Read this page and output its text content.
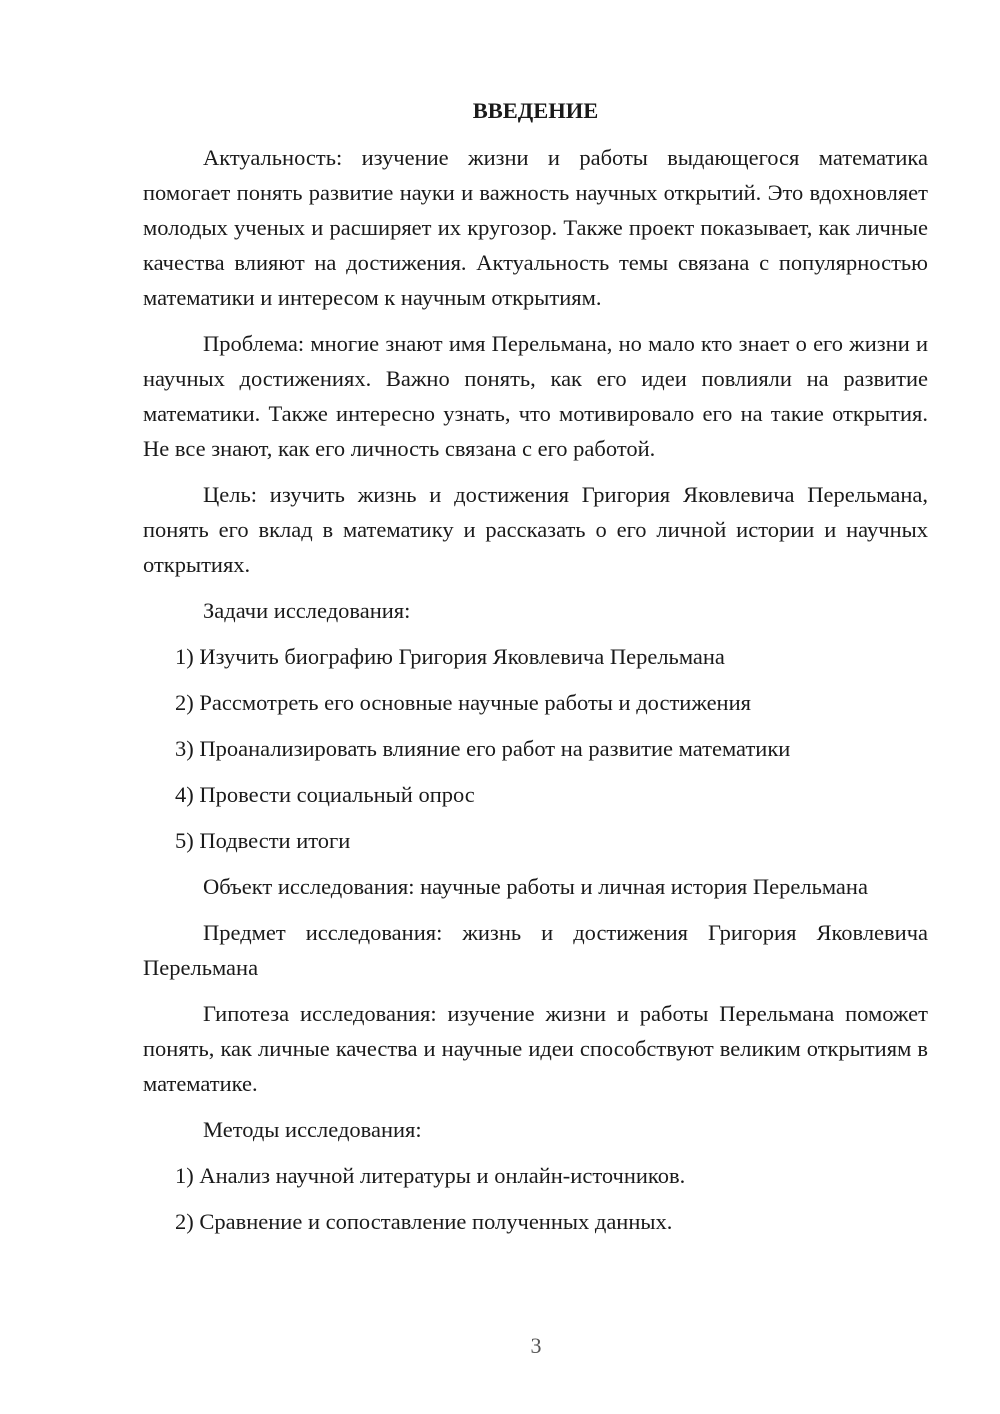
ВВЕДЕНИЕ

Актуальность: изучение жизни и работы выдающегося математика помогает понять развитие науки и важность научных открытий. Это вдохновляет молодых ученых и расширяет их кругозор. Также проект показывает, как личные качества влияют на достижения. Актуальность темы связана с популярностью математики и интересом к научным открытиям.

Проблема: многие знают имя Перельмана, но мало кто знает о его жизни и научных достижениях. Важно понять, как его идеи повлияли на развитие математики. Также интересно узнать, что мотивировало его на такие открытия. Не все знают, как его личность связана с его работой.

Цель: изучить жизнь и достижения Григория Яковлевича Перельмана, понять его вклад в математику и рассказать о его личной истории и научных открытиях.

Задачи исследования:
1) Изучить биографию Григория Яковлевича Перельмана
2) Рассмотреть его основные научные работы и достижения
3) Проанализировать влияние его работ на развитие математики
4) Провести социальный опрос
5) Подвести итоги

Объект исследования: научные работы и личная история Перельмана

Предмет исследования: жизнь и достижения Григория Яковлевича Перельмана

Гипотеза исследования: изучение жизни и работы Перельмана поможет понять, как личные качества и научные идеи способствуют великим открытиям в математике.

Методы исследования:
1) Анализ научной литературы и онлайн-источников.
2) Сравнение и сопоставление полученных данных.
3
